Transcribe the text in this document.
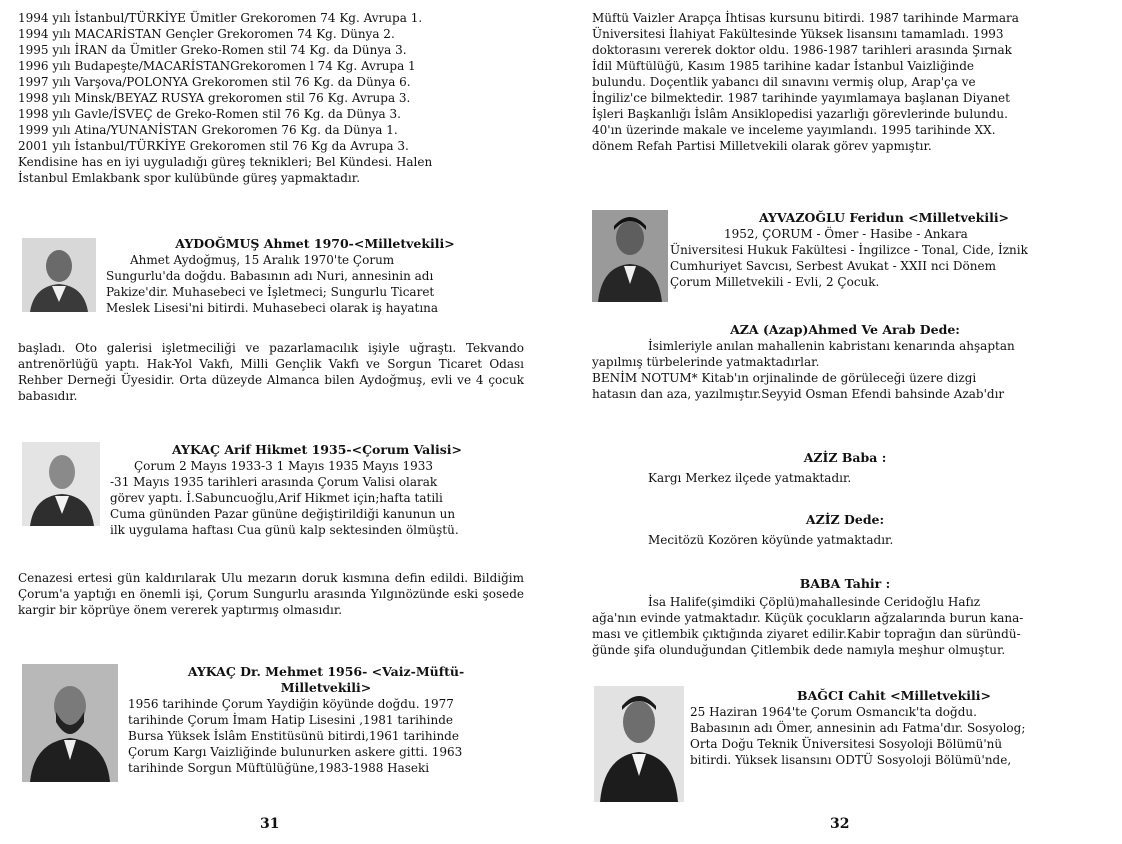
1994 yılı İstanbul/TÜRKİYE Ümitler Grekoromen 74 Kg. Avrupa 1.
1994 yılı MACARİSTAN Gençler Grekoromen 74 Kg. Dünya 2.
1995 yılı İRAN da Ümitler Greko-Romen stil 74 Kg. da Dünya 3.
1996 yılı Budapeşte/MACARİSTANGrekoromen l 74 Kg. Avrupa 1
1997 yılı Varşova/POLONYA Grekoromen stil 76 Kg. da Dünya 6.
1998 yılı Minsk/BEYAZ RUSYA grekoromen stil 76 Kg. Avrupa 3.
1998 yılı Gavle/İSVEÇ de Greko-Romen stil 76 Kg. da Dünya 3.
1999 yılı Atina/YUNANİSTAN Grekoromen 76 Kg. da Dünya 1.
2001 yılı İstanbul/TÜRKİYE Grekoromen stil 76 Kg da Avrupa 3.
Kendisine has en iyi uyguladığı güreş teknikleri; Bel Kündesi. Halen
İstanbul Emlakbank spor kulübünde güreş yapmaktadır.
AYDOĞMUŞ Ahmet 1970-<Milletvekili>
Ahmet Aydoğmuş, 15 Aralık 1970'te Çorum
Sungurlu'da doğdu. Babasının adı Nuri, annesinin adı
Pakize'dir. Muhasebeci ve İşletmeci; Sungurlu Ticaret
Meslek Lisesi'ni bitirdi. Muhasebeci olarak iş hayatına
başladı. Oto galerisi işletmeciliği ve pazarlamacılık işiyle uğraştı. Tekvando antrenörlüğü yaptı. Hak-Yol Vakfı, Milli Gençlik Vakfı ve Sorgun Ticaret Odası Rehber Derneği Üyesidir. Orta düzeyde Almanca bilen Aydoğmuş, evli ve 4 çocuk babasıdır.
AYKAÇ Arif Hikmet 1935-<Çorum Valisi>
Çorum 2 Mayıs 1933-3 1 Mayıs 1935 Mayıs 1933
-31 Mayıs 1935 tarihleri arasında Çorum Valisi olarak
görev yaptı. İ.Sabuncuoğlu,Arif Hikmet için;hafta tatili
Cuma gününden Pazar gününe değiştirildiği kanunun un
ilk uygulama haftası Cua günü kalp sektesinden ölmüştü.
Cenazesi ertesi gün kaldırılarak Ulu mezarın doruk kısmına defin edildi. Bildiğim Çorum'a yaptığı en önemli işi, Çorum Sungurlu arasında Yılgınözünde eski şosede kargir bir köprüye önem vererek yaptırmış olmasıdır.
AYKAÇ Dr. Mehmet 1956- <Vaiz-Müftü-
Milletvekili>
1956 tarihinde Çorum Yaydiğin köyünde doğdu. 1977
tarihinde Çorum İmam Hatip Lisesini ,1981 tarihinde
Bursa Yüksek İslâm Enstitüsünü bitirdi,1961 tarihinde
Çorum Kargı Vaizliğinde bulunurken askere gitti. 1963
tarihinde Sorgun Müftülüğüne,1983-1988 Haseki
31
Müftü Vaizler Arapça İhtisas kursunu bitirdi. 1987 tarihinde Marmara
Üniversitesi İlahiyat Fakültesinde Yüksek lisansını tamamladı. 1993
doktorasını vererek doktor oldu. 1986-1987 tarihleri arasında Şırnak
İdil Müftülüğü, Kasım 1985 tarihine kadar İstanbul Vaizliğinde
bulundu. Doçentlik yabancı dil sınavını vermiş olup, Arap'ça ve
İngiliz'ce bilmektedir. 1987 tarihinde yayımlamaya başlanan Diyanet
İşleri Başkanlığı İslâm Ansiklopedisi yazarlığı görevlerinde bulundu.
40'ın üzerinde makale ve inceleme yayımlandı. 1995 tarihinde XX.
dönem Refah Partisi Milletvekili olarak görev yapmıştır.
AYVAZOĞLU Feridun <Milletvekili>
1952, ÇORUM - Ömer - Hasibe - Ankara
Üniversitesi Hukuk Fakültesi - İngilizce - Tonal, Cide, İznik
Cumhuriyet Savcısı, Serbest Avukat - XXII nci Dönem
Çorum Milletvekili - Evli, 2 Çocuk.
AZA (Azap)Ahmed Ve Arab Dede:
İsimleriyle anılan mahallenin kabristanı kenarında ahşaptan
yapılmış türbelerinde yatmaktadırlar.
BENİM NOTUM* Kitab'ın orjinalinde de görüleceği üzere dizgi
hatasın dan aza, yazılmıştır.Seyyid Osman Efendi bahsinde Azab'dır
AZİZ Baba :
Kargı Merkez ilçede yatmaktadır.
AZİZ Dede:
Mecitözü Kozören köyünde yatmaktadır.
BABA Tahir :
İsa Halife(şimdiki Çöplü)mahallesinde Ceridoğlu Hafız
ağa'nın evinde yatmaktadır. Küçük çocukların ağzalarında burun kana-
ması ve çitlembik çıktığında ziyaret edilir.Kabir toprağın dan süründü-
ğünde şifa olunduğundan Çitlembik dede namıyla meşhur olmuştur.
BAĞCI Cahit <Milletvekili>
25 Haziran 1964'te Çorum Osmancık'ta doğdu.
Babasının adı Ömer, annesinin adı Fatma'dır. Sosyolog;
Orta Doğu Teknik Üniversitesi Sosyoloji Bölümü'nü
bitirdi. Yüksek lisansını ODTÜ Sosyoloji Bölümü'nde,
32
